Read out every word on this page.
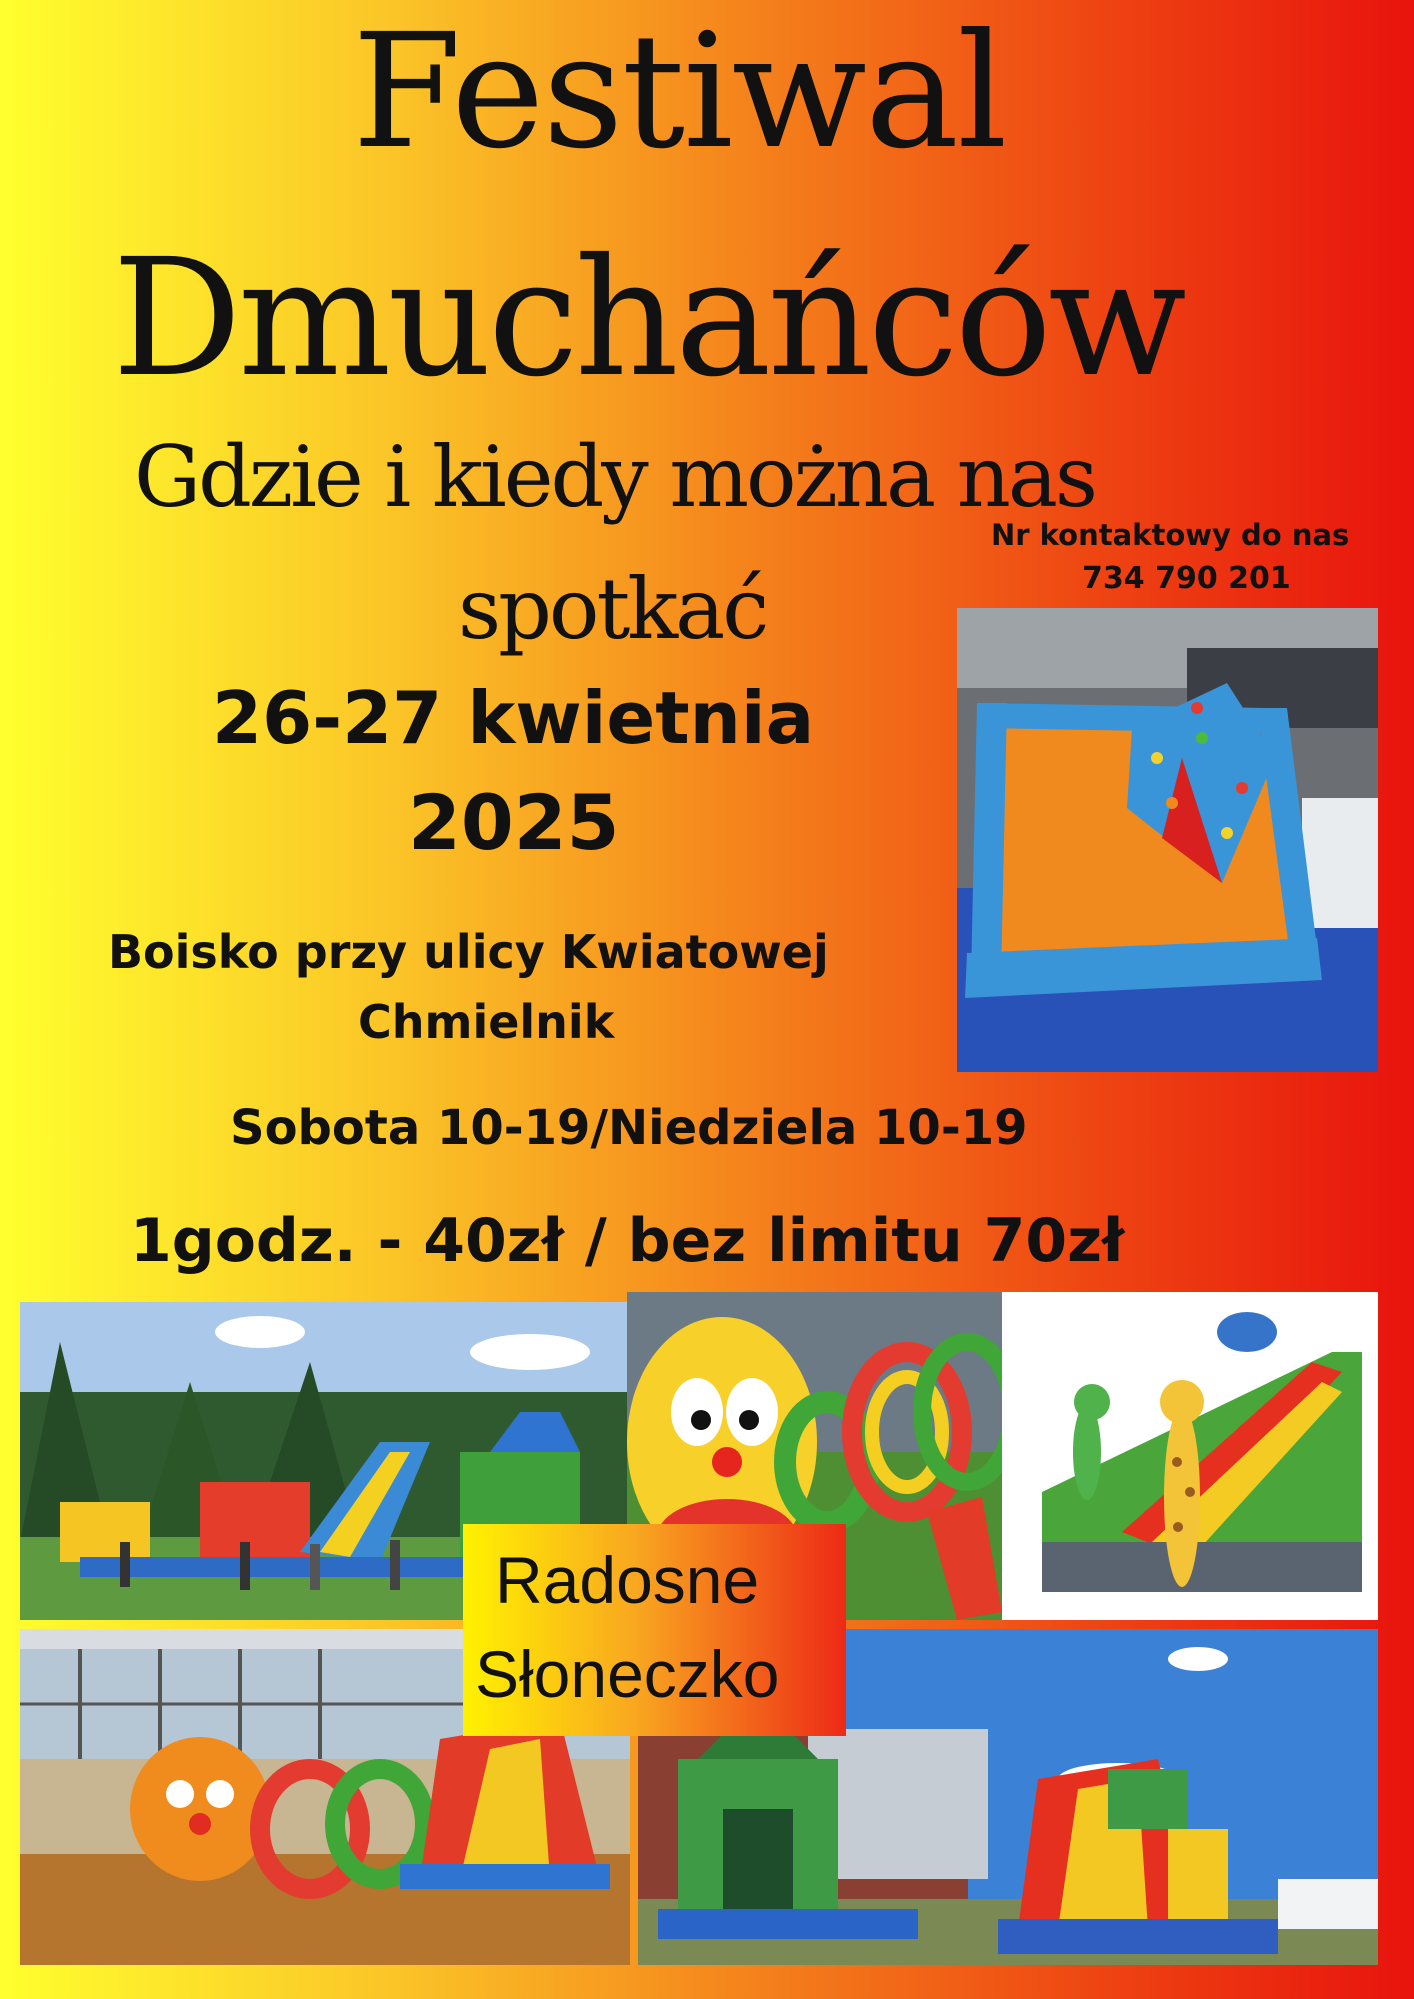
Festiwal
Dmuchańców
Gdzie i kiedy można nas
spotkać
Nr kontaktowy do nas
734 790 201
26-27 kwietnia
2025
Boisko przy ulicy Kwiatowej
Chmielnik
Sobota 10-19/Niedziela 10-19
1godz. - 40zł / bez limitu 70zł
Radosne
Słoneczko
